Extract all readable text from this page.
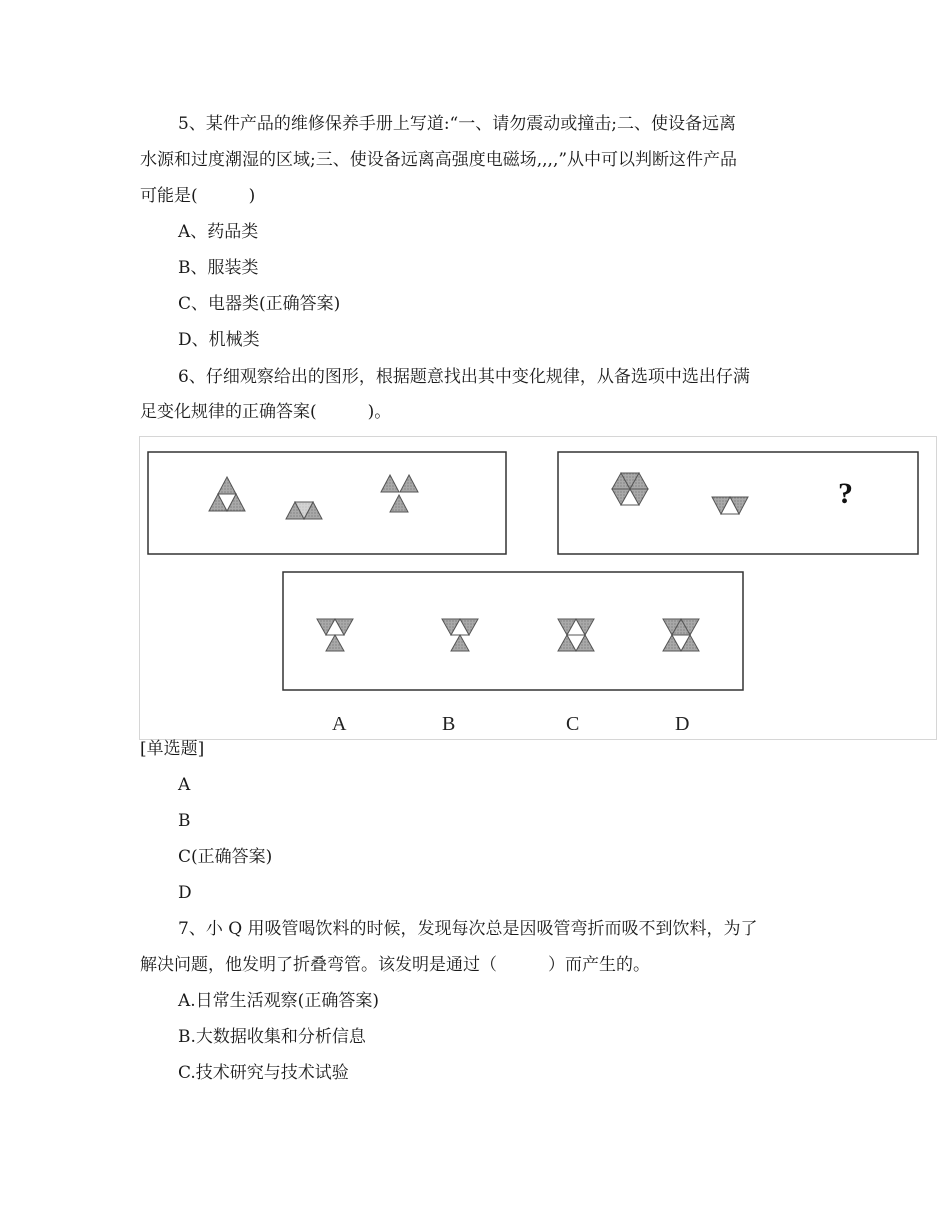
5、某件产品的维修保养手册上写道:“一、请勿震动或撞击;二、使设备远离
水源和过度潮湿的区域;三、使设备远离高强度电磁场,,,,”从中可以判断这件产品
可能是(　　　)
A、药品类
B、服装类
C、电器类(正确答案)
D、机械类
6、仔细观察给出的图形，根据题意找出其中变化规律，从备选项中选出仔满
足变化规律的正确答案(　　　)。
?
A	B	C	D
[单选题]
A
B
C(正确答案)
D
7、小 Q 用吸管喝饮料的时候，发现每次总是因吸管弯折而吸不到饮料，为了
解决问题，他发明了折叠弯管。该发明是通过（　　　）而产生的。
A.日常生活观察(正确答案)
B.大数据收集和分析信息
C.技术研究与技术试验
